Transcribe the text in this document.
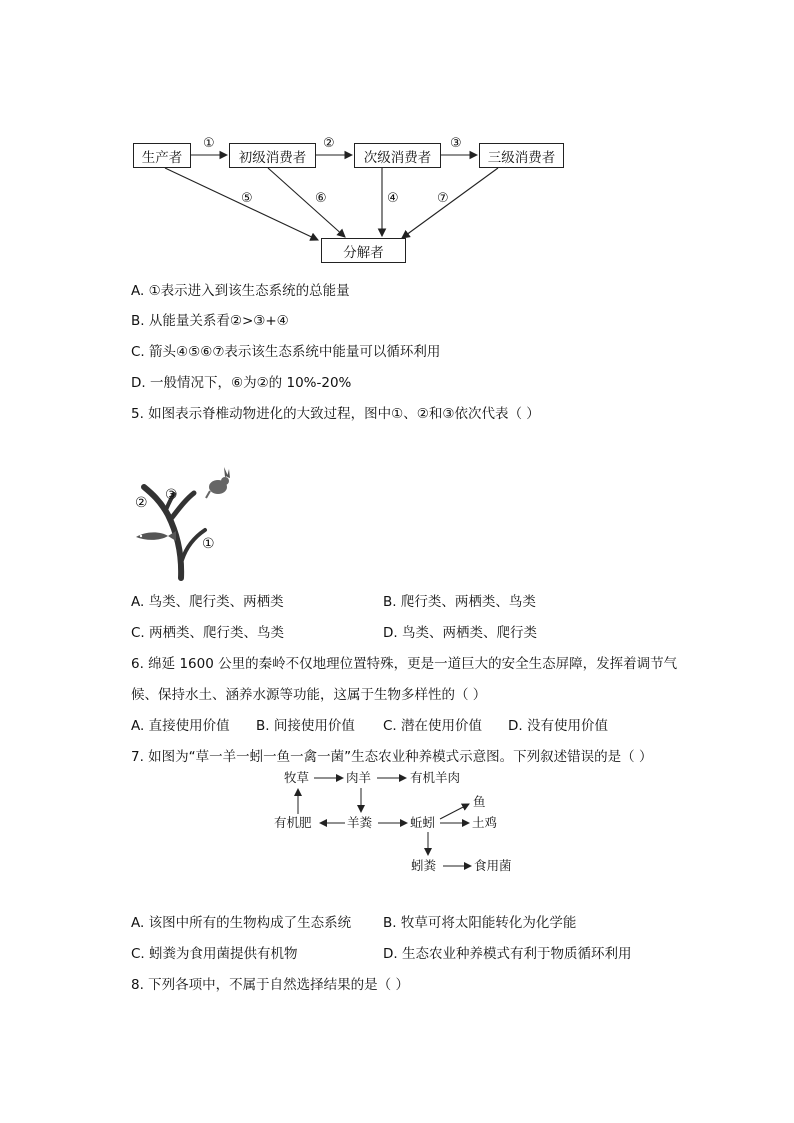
生产者	初级消费者	次级消费者	三级消费者
分解者
①	②	③
⑤	⑥	④	⑦
A. ①表示进入到该生态系统的总能量
B. 从能量关系看②>③+④
C. 箭头④⑤⑥⑦表示该生态系统中能量可以循环利用
D. 一般情况下，⑥为②的 10%-20%
5. 如图表示脊椎动物进化的大致过程，图中①、②和③依次代表（ ）
② ③
①
A. 鸟类、爬行类、两栖类	B. 爬行类、两栖类、鸟类
C. 两栖类、爬行类、鸟类	D. 鸟类、两栖类、爬行类
6. 绵延 1600 公里的秦岭不仅地理位置特殊，更是一道巨大的安全生态屏障，发挥着调节气
候、保持水土、涵养水源等功能，这属于生物多样性的（ ）
A. 直接使用价值 B. 间接使用价值 C. 潜在使用价值 D. 没有使用价值
7. 如图为“草一羊一蚓一鱼一禽一菌”生态农业种养模式示意图。下列叙述错误的是（ ）
牧草	肉羊	有机羊肉
有机肥	羊粪	蚯蚓
鱼
土鸡
蚓粪	食用菌
A. 该图中所有的生物构成了生态系统 B. 牧草可将太阳能转化为化学能
C. 蚓粪为食用菌提供有机物	D. 生态农业种养模式有利于物质循环利用
8. 下列各项中，不属于自然选择结果的是（ ）
